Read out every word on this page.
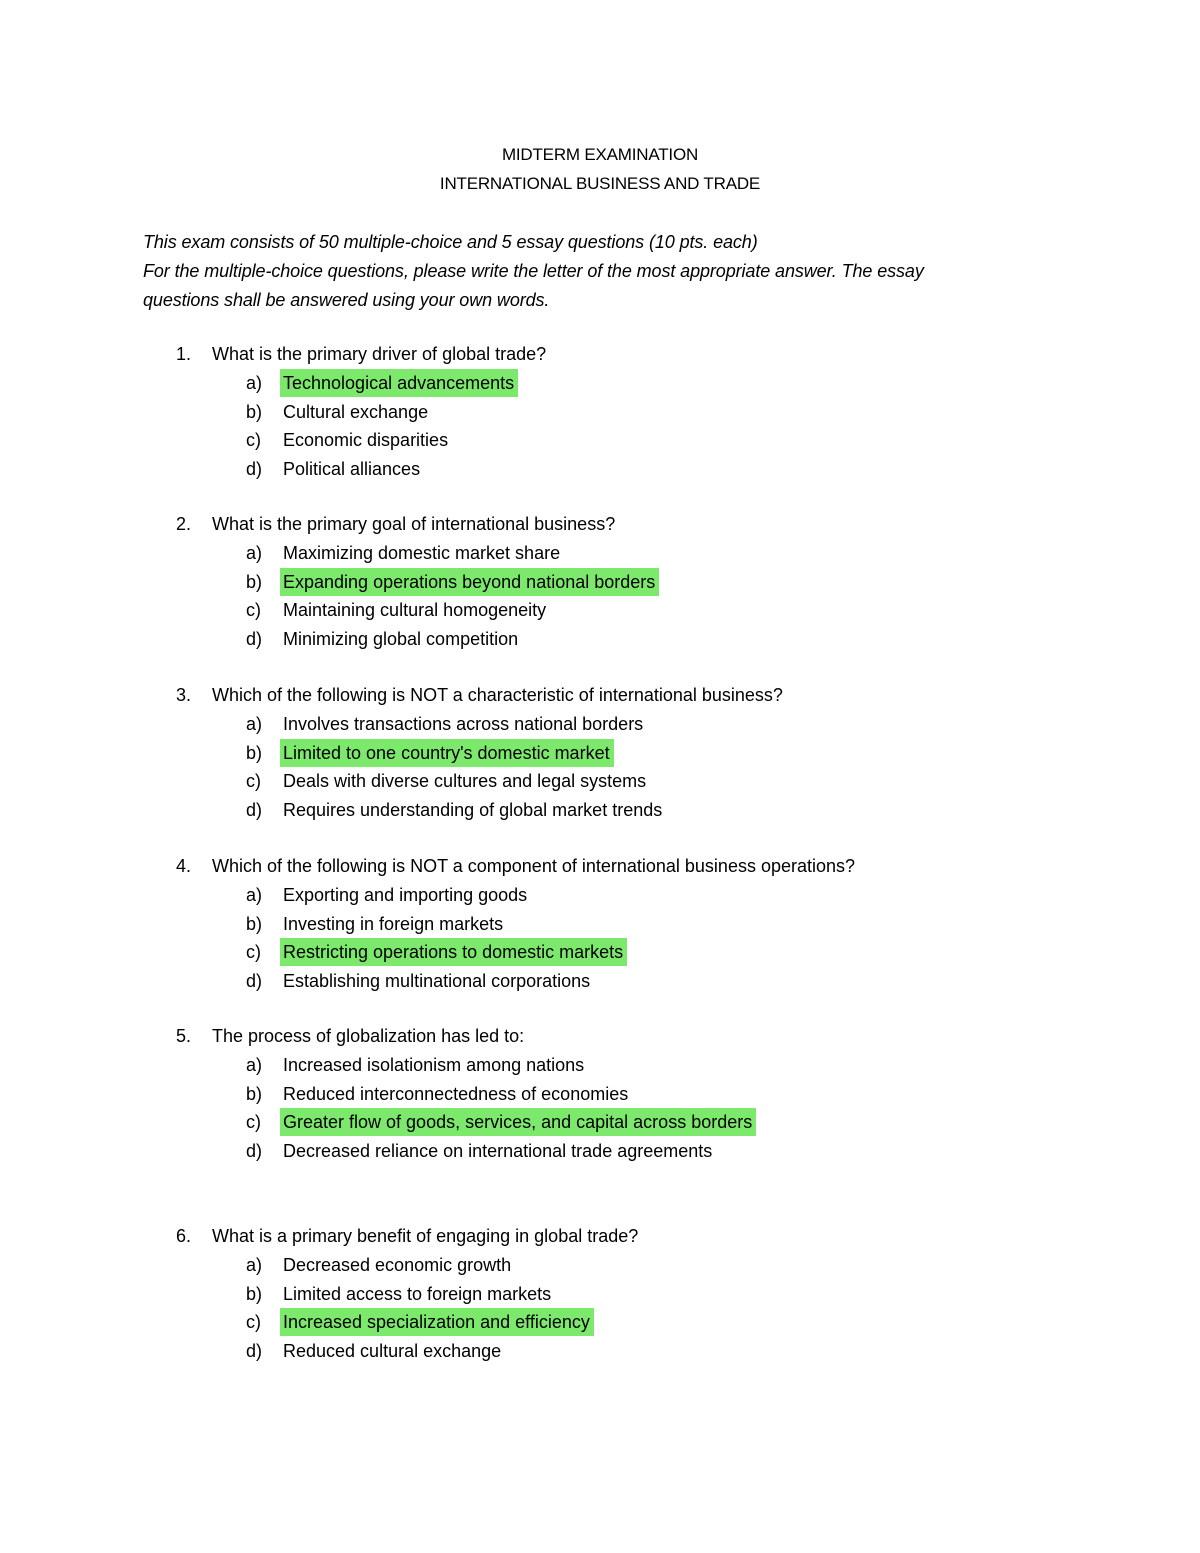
MIDTERM EXAMINATION
INTERNATIONAL BUSINESS AND TRADE
This exam consists of 50 multiple-choice and 5 essay questions (10 pts. each)
For the multiple-choice questions, please write the letter of the most appropriate answer. The essay
questions shall be answered using your own words.
1. What is the primary driver of global trade?
a) Technological advancements
b) Cultural exchange
c) Economic disparities
d) Political alliances
2. What is the primary goal of international business?
a) Maximizing domestic market share
b) Expanding operations beyond national borders
c) Maintaining cultural homogeneity
d) Minimizing global competition
3. Which of the following is NOT a characteristic of international business?
a) Involves transactions across national borders
b) Limited to one country's domestic market
c) Deals with diverse cultures and legal systems
d) Requires understanding of global market trends
4. Which of the following is NOT a component of international business operations?
a) Exporting and importing goods
b) Investing in foreign markets
c) Restricting operations to domestic markets
d) Establishing multinational corporations
5. The process of globalization has led to:
a) Increased isolationism among nations
b) Reduced interconnectedness of economies
c) Greater flow of goods, services, and capital across borders
d) Decreased reliance on international trade agreements
6. What is a primary benefit of engaging in global trade?
a) Decreased economic growth
b) Limited access to foreign markets
c) Increased specialization and efficiency
d) Reduced cultural exchange
